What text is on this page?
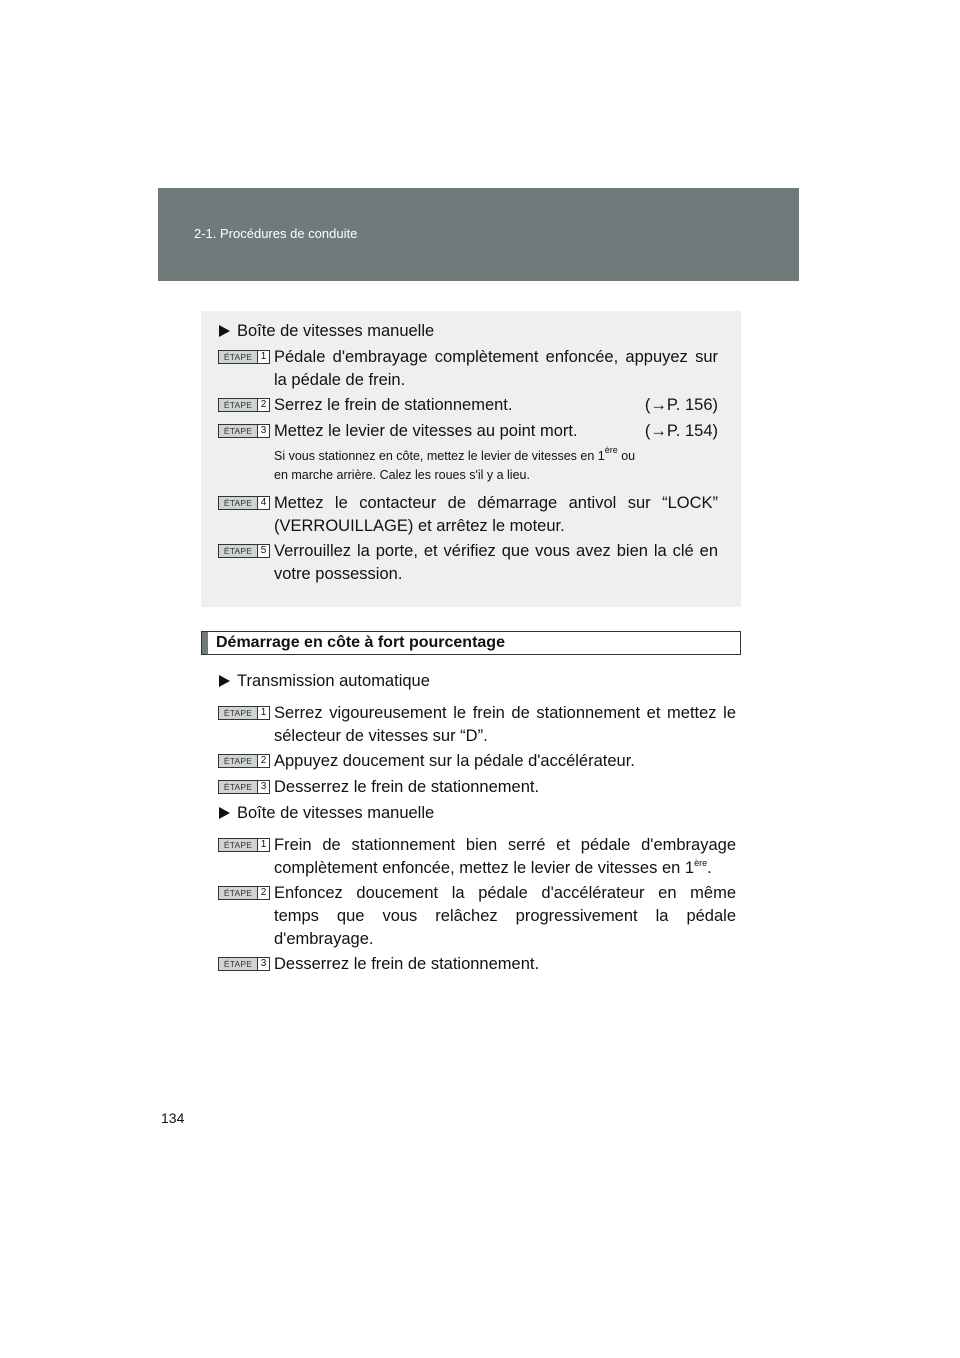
2-1. Procédures de conduite
Boîte de vitesses manuelle
ÉTAPE 1 Pédale d'embrayage complètement enfoncée, appuyez sur
la pédale de frein.
ÉTAPE 2 Serrez le frein de stationnement.	(→P. 156)
ÉTAPE 3 Mettez le levier de vitesses au point mort.	(→P. 154)
Si vous stationnez en côte, mettez le levier de vitesses en 1ère ou
en marche arrière. Calez les roues s'il y a lieu.
ÉTAPE 4 Mettez le contacteur de démarrage antivol sur “LOCK”
(VERROUILLAGE) et arrêtez le moteur.
ÉTAPE 5 Verrouillez la porte, et vérifiez que vous avez bien la clé en
votre possession.
Démarrage en côte à fort pourcentage
Transmission automatique
ÉTAPE 1 Serrez vigoureusement le frein de stationnement et mettez le
sélecteur de vitesses sur “D”.
ÉTAPE 2 Appuyez doucement sur la pédale d'accélérateur.
ÉTAPE 3 Desserrez le frein de stationnement.
Boîte de vitesses manuelle
ÉTAPE 1 Frein de stationnement bien serré et pédale d'embrayage
complètement enfoncée, mettez le levier de vitesses en 1ère.
ÉTAPE 2 Enfoncez doucement la pédale d'accélérateur en même
temps que vous relâchez progressivement la pédale
d'embrayage.
ÉTAPE 3 Desserrez le frein de stationnement.
134
